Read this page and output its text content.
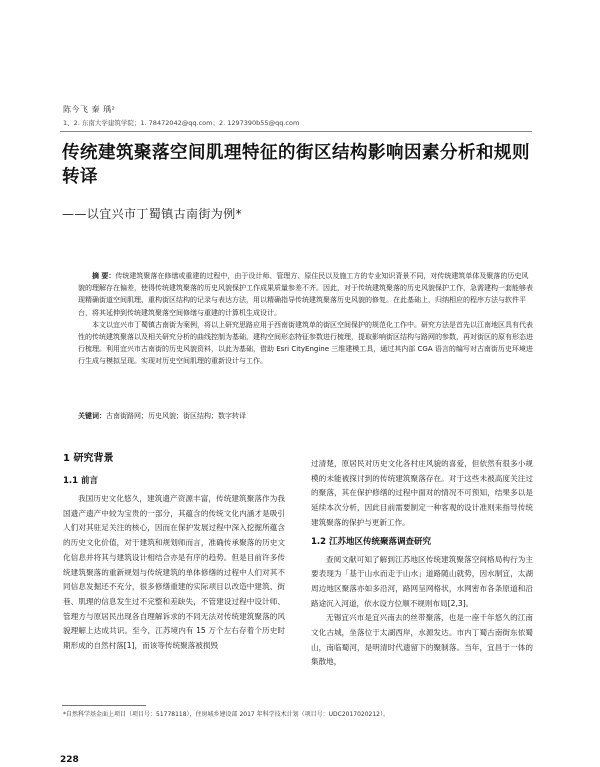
陈今飞 秦 瑀²
1、2. 东南大学建筑学院；1. 78472042@qq.com；2. 1297390b55@qq.com
传统建筑聚落空间肌理特征的街区结构影响因素分析和规则转译
——以宜兴市丁蜀镇古南街为例*

摘 要：传统建筑聚落在修缮或重建的过程中，由于设计师、管理方、原住民以及施工方的专业知识背景不同，对传统建筑单体及聚落的历史风貌的理解存在偏差，使得传统建筑聚落的历史风貌保护工作成果质量参差不齐。因此，对于传统建筑聚落的历史风貌保护工作，急需建构一套能够表现精确街道空间肌理、重构街区结构的记录与表达方法，用以精确指导传统建筑聚落历史风貌的修复。在此基础上，归纳相应的程序方法与软件平台，将其延伸到传统建筑聚落空间修缮与重建的计算机生成设计。

本文以宜兴市丁蜀镇古南街为案例，将以上研究思路应用于西南街建筑单的街区空间保护的规范化工作中。研究方法是首先以江南地区具有代表性的传统建筑聚落以及相关研究分析的曲线控制为基础，建构空间形态特征参数进行梳理，提取影响街区结构与路网的参数，再对街区的原有形态进行梳理。利用宜兴市古南街的历史风貌资料，以此为基础，借助 Esri CityEngine 三维建模工具，通过其内部 CGA 语言的编写对古南街历史环境进行生成与模拟呈现。实现对历史空间肌理的重新设计与工作。

关键词：古南街路网；历史风貌；街区结构；数字转译
1 研究背景
1.1 前言

我国历史文化悠久，建筑遗产资源丰富，传统建筑聚落作为我国遗产遗产中较为宝贵的一部分，其蕴含的传统文化内涵才是吸引人们对其驻足关注的核心，因而在保护发展过程中深入挖掘所蕴含的历史文化价值，对于建筑和规划师而言，准确传承聚落的历史文化信息并将其与建筑设计相结合亦是有序的趋势。但是目前许多传统建筑聚落的重新规划与传统建筑的单体修缮的过程中人们对其不同信息发掘还不充分，很多修缮重建的实际项目以改造中建筑、街巷、肌理的信息发生过不完整和差缺失，不管建设过程中设计师、管理方与原居民出现各自理解诉求的不同无法对传统建筑聚落的风貌理解上达成共识。至今，江苏境内有 15 万个左右存着个历史时期形成的自然村落[1]，而该等传统聚落被损毁

过清楚，原居民对历史文化各村庄风貌的喜爱，但依然有很多小规模的未能被探讨到的传统建筑聚落存在。对于这些未被高度关注过的聚落，其在保护修缮的过程中面对的情况不可预知，结果多以是延续本次分析，因此目前需要制定一种客观的设计准则来指导传统建筑聚落的保护与更新工作。

1.2 江苏地区传统聚落调查研究

查阅文献可知了解到江苏地区传统建筑聚落空间格局构行为主要表现为「基于山水而走于山水」道路随山就势，因水制宜，太湖周边地区聚落亦如多沿河，路网呈网格状，水网密布各条原道和沿路途沉入河道，依水设方位顺不规则布局[2,3]。

无锡宜兴市是宜兴南去的丝带聚落，也是一座千年悠久的江南文化古城，坐落位于太湖西岸，水源发达。市内丁蜀古南街东依蜀山，南临蜀河，是明清时代遗留下的聚制落。当年，宜昌于一体的集散地，

*自然科学基金面上项目（项目号：51778118），住房城乡建设部 2017 年科学技术计划（项目号：UDC2017020212）。
228
